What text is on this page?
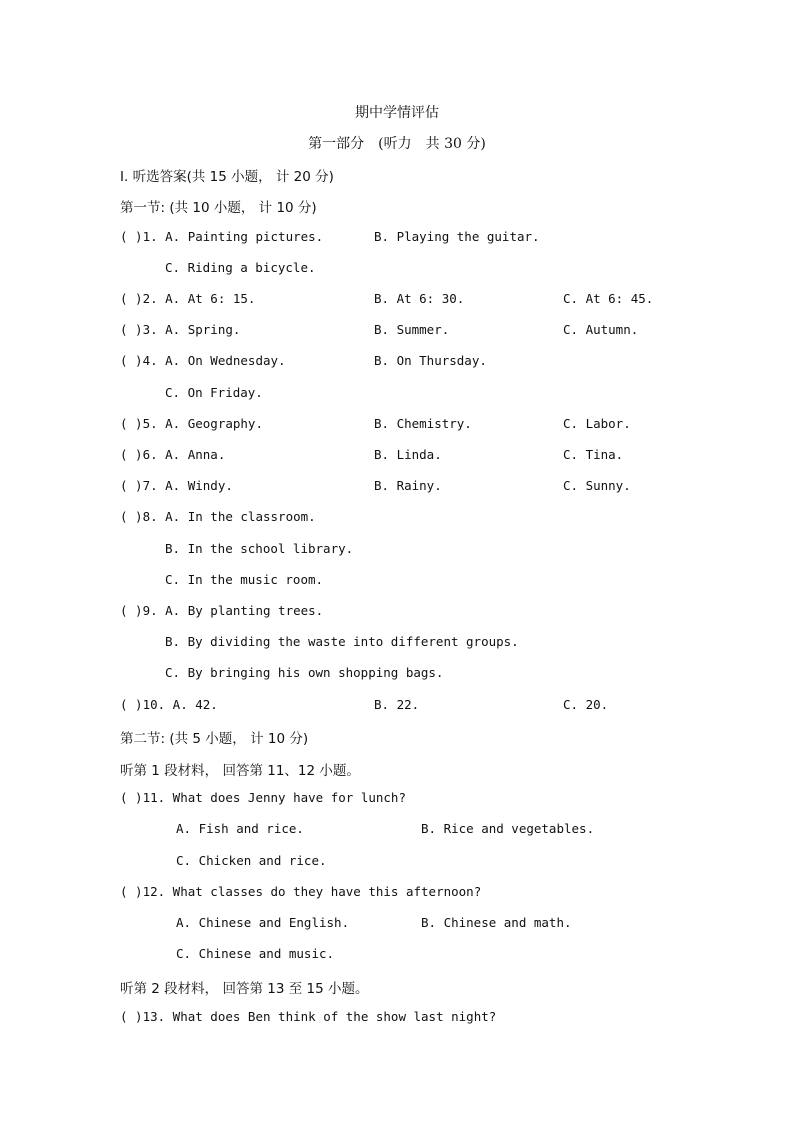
期中学情评估
第一部分　(听力　共 30 分)
Ⅰ. 听选答案(共 15 小题， 计 20 分)
第一节: (共 10 小题， 计 10 分)
( )1. A. Painting pictures.	B. Playing the guitar.
C. Riding a bicycle.
( )2. A. At 6: 15.	B. At 6: 30.	C. At 6: 45.
( )3. A. Spring.	B. Summer.	C. Autumn.
( )4. A. On Wednesday.	B. On Thursday.
C. On Friday.
( )5. A. Geography.	B. Chemistry.	C. Labor.
( )6. A. Anna.	B. Linda.	C. Tina.
( )7. A. Windy.	B. Rainy.	C. Sunny.
( )8. A. In the classroom.
B. In the school library.
C. In the music room.
( )9. A. By planting trees.
B. By dividing the waste into different groups.
C. By bringing his own shopping bags.
( )10. A. 42.	B. 22.	C. 20.
第二节: (共 5 小题， 计 10 分)
听第 1 段材料， 回答第 11、12 小题。
( )11. What does Jenny have for lunch?
A. Fish and rice.	B. Rice and vegetables.
C. Chicken and rice.
( )12. What classes do they have this afternoon?
A. Chinese and English.	B. Chinese and math.
C. Chinese and music.
听第 2 段材料， 回答第 13 至 15 小题。
( )13. What does Ben think of the show last night?
